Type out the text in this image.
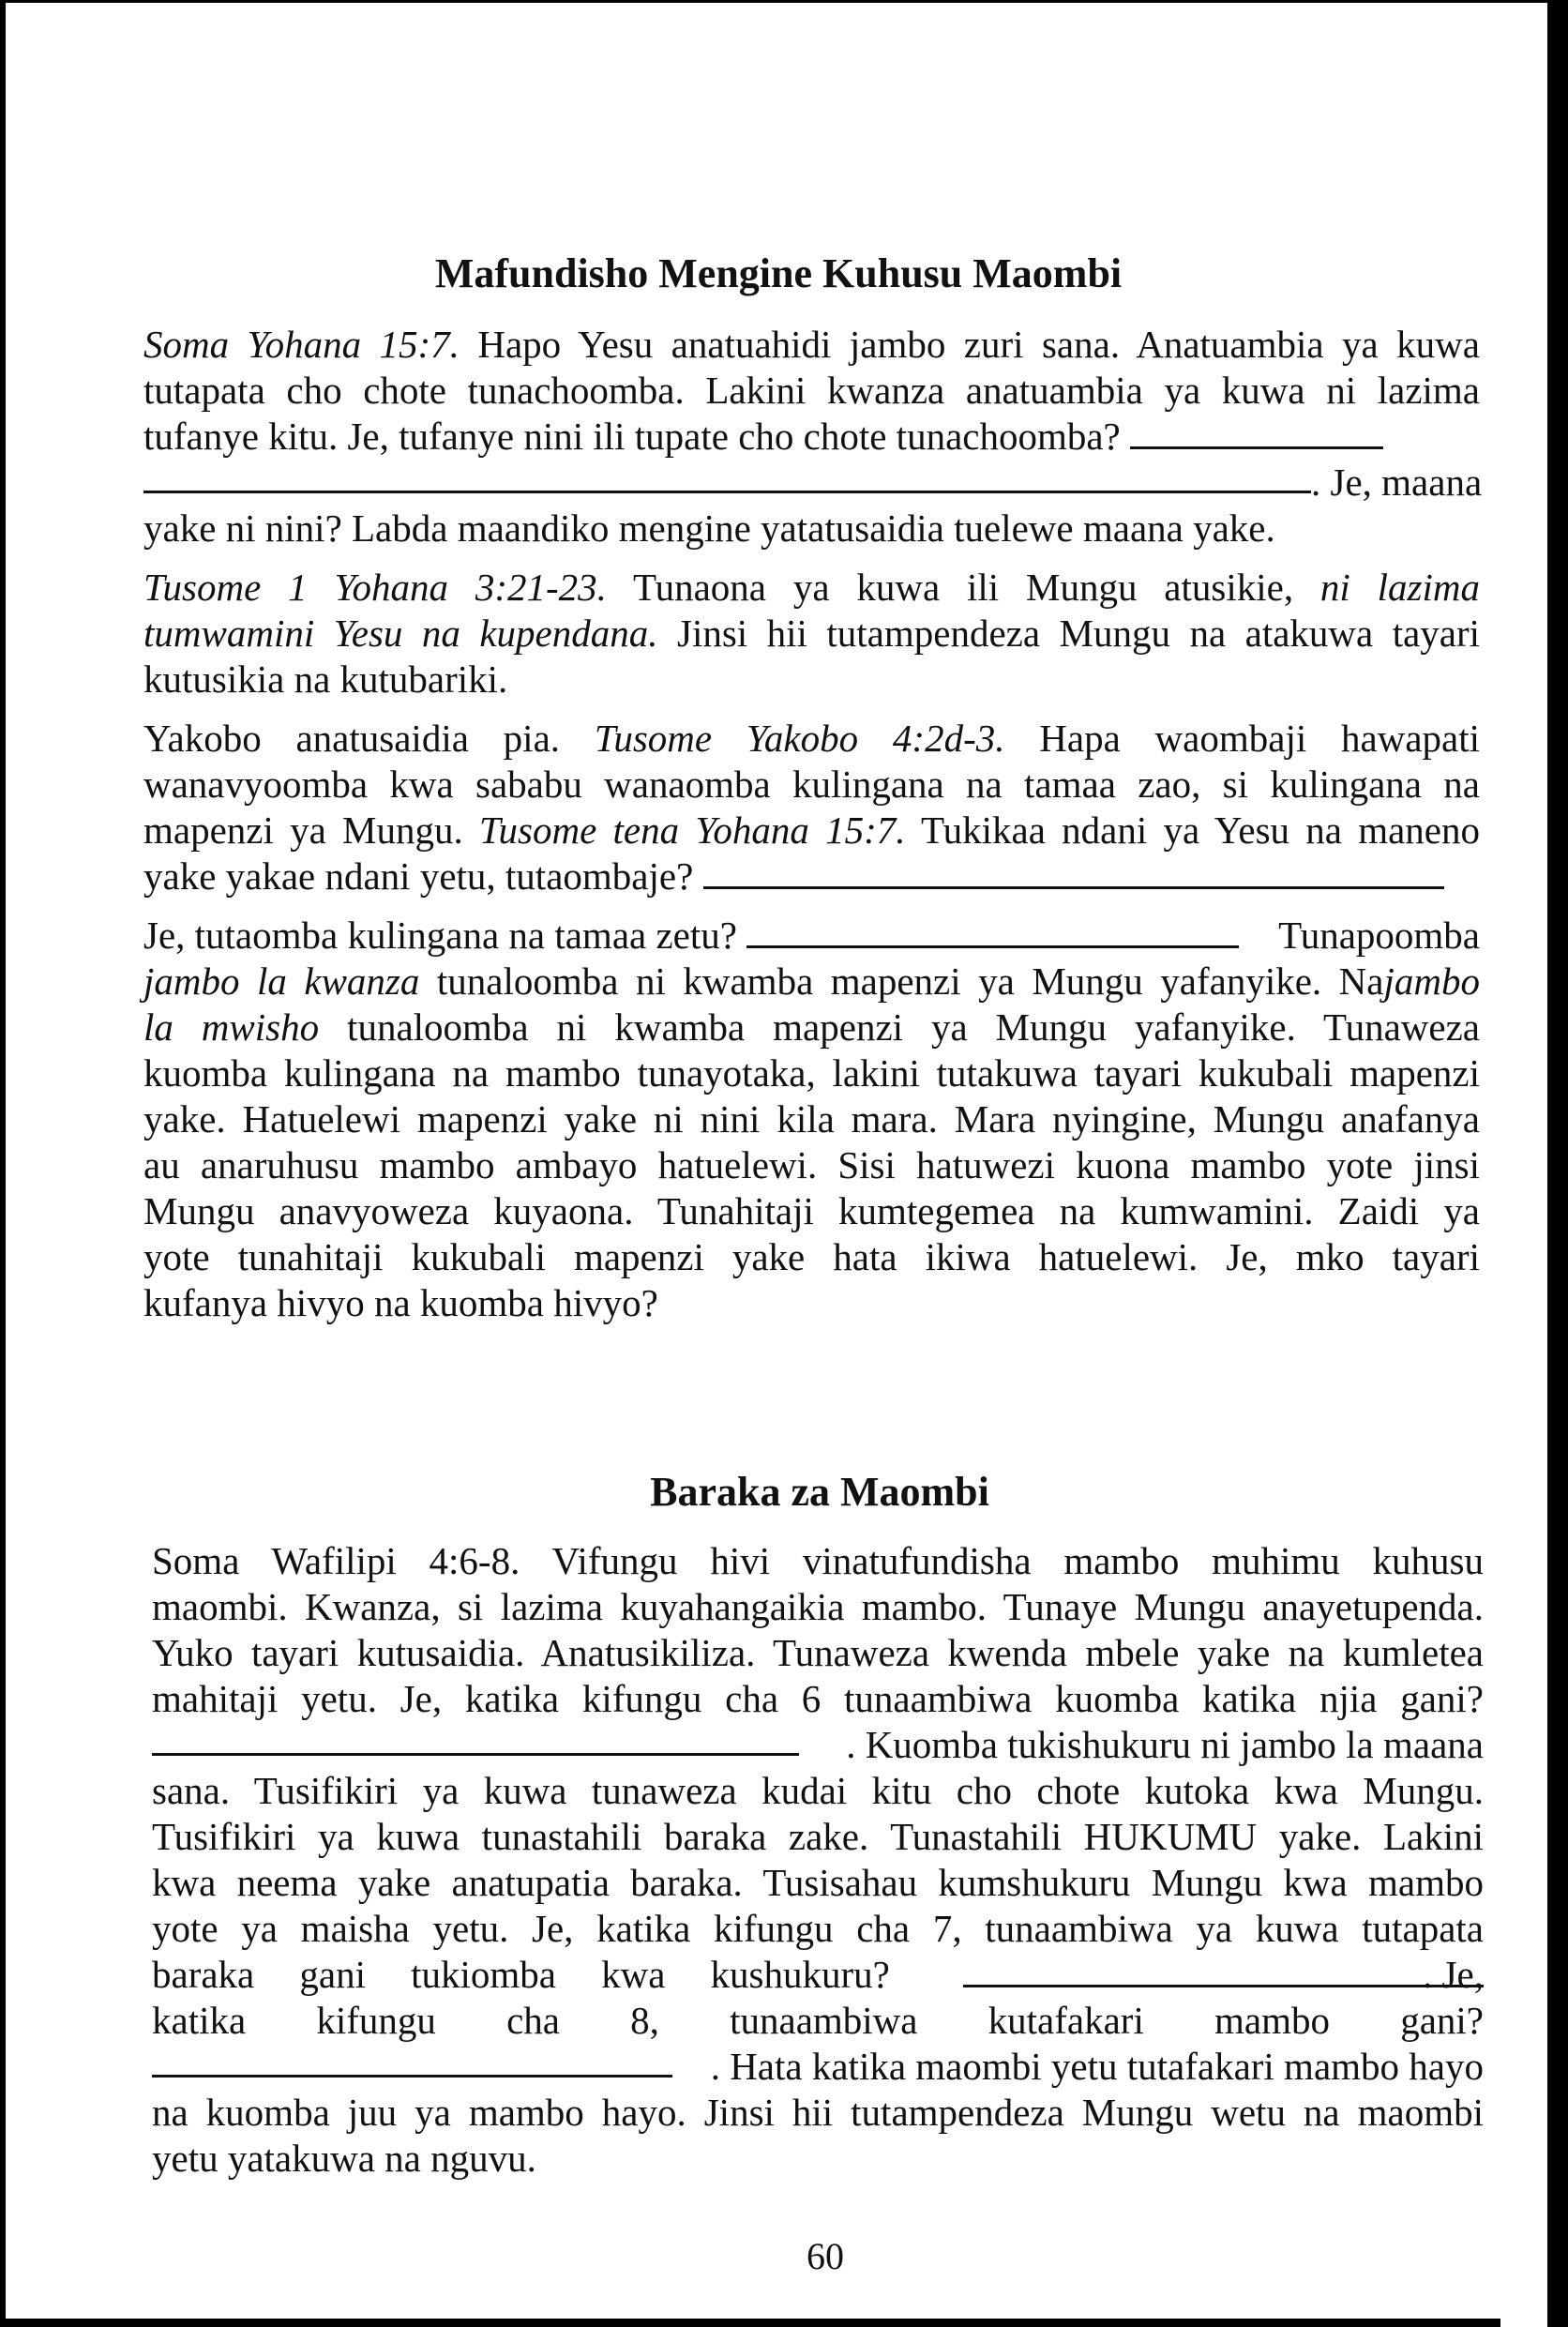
Mafundisho Mengine Kuhusu Maombi
Soma Yohana 15:7. Hapo Yesu anatuahidi jambo zuri sana. Anatuambia ya kuwa
tutapata cho chote tunachoomba. Lakini kwanza anatuambia ya kuwa ni lazima
tufanye kitu. Je, tufanye nini ili tupate cho chote tunachoomba?
. Je, maana
yake ni nini? Labda maandiko mengine yatatusaidia tuelewe maana yake.
Tusome 1 Yohana 3:21-23. Tunaona ya kuwa ili Mungu atusikie, ni lazima
tumwamini Yesu na kupendana. Jinsi hii tutampendeza Mungu na atakuwa tayari
kutusikia na kutubariki.
Yakobo anatusaidia pia. Tusome Yakobo 4:2d-3. Hapa waombaji hawapati
wanavyoomba kwa sababu wanaomba kulingana na tamaa zao, si kulingana na
mapenzi ya Mungu. Tusome tena Yohana 15:7. Tukikaa ndani ya Yesu na maneno
yake yakae ndani yetu, tutaombaje?
Je, tutaomba kulingana na tamaa zetu?	Tunapoomba
jambo la kwanza tunaloomba ni kwamba mapenzi ya Mungu yafanyike. Najambo
la mwisho tunaloomba ni kwamba mapenzi ya Mungu yafanyike. Tunaweza
kuomba kulingana na mambo tunayotaka, lakini tutakuwa tayari kukubali mapenzi
yake. Hatuelewi mapenzi yake ni nini kila mara. Mara nyingine, Mungu anafanya
au anaruhusu mambo ambayo hatuelewi. Sisi hatuwezi kuona mambo yote jinsi
Mungu anavyoweza kuyaona. Tunahitaji kumtegemea na kumwamini. Zaidi ya
yote tunahitaji kukubali mapenzi yake hata ikiwa hatuelewi. Je, mko tayari
kufanya hivyo na kuomba hivyo?
Baraka za Maombi
Soma Wafilipi 4:6-8. Vifungu hivi vinatufundisha mambo muhimu kuhusu
maombi. Kwanza, si lazima kuyahangaikia mambo. Tunaye Mungu anayetupenda.
Yuko tayari kutusaidia. Anatusikiliza. Tunaweza kwenda mbele yake na kumletea
mahitaji yetu. Je, katika kifungu cha 6 tunaambiwa kuomba katika njia gani?
. Kuomba tukishukuru ni jambo la maana
sana. Tusifikiri ya kuwa tunaweza kudai kitu cho chote kutoka kwa Mungu.
Tusifikiri ya kuwa tunastahili baraka zake. Tunastahili HUKUMU yake. Lakini
kwa neema yake anatupatia baraka. Tusisahau kumshukuru Mungu kwa mambo
yote ya maisha yetu. Je, katika kifungu cha 7, tunaambiwa ya kuwa tutapata
baraka gani tukiomba kwa kushukuru?	. Je,
katika kifungu cha 8, tunaambiwa kutafakari mambo gani?
. Hata katika maombi yetu tutafakari mambo hayo
na kuomba juu ya mambo hayo. Jinsi hii tutampendeza Mungu wetu na maombi
yetu yatakuwa na nguvu.
60
